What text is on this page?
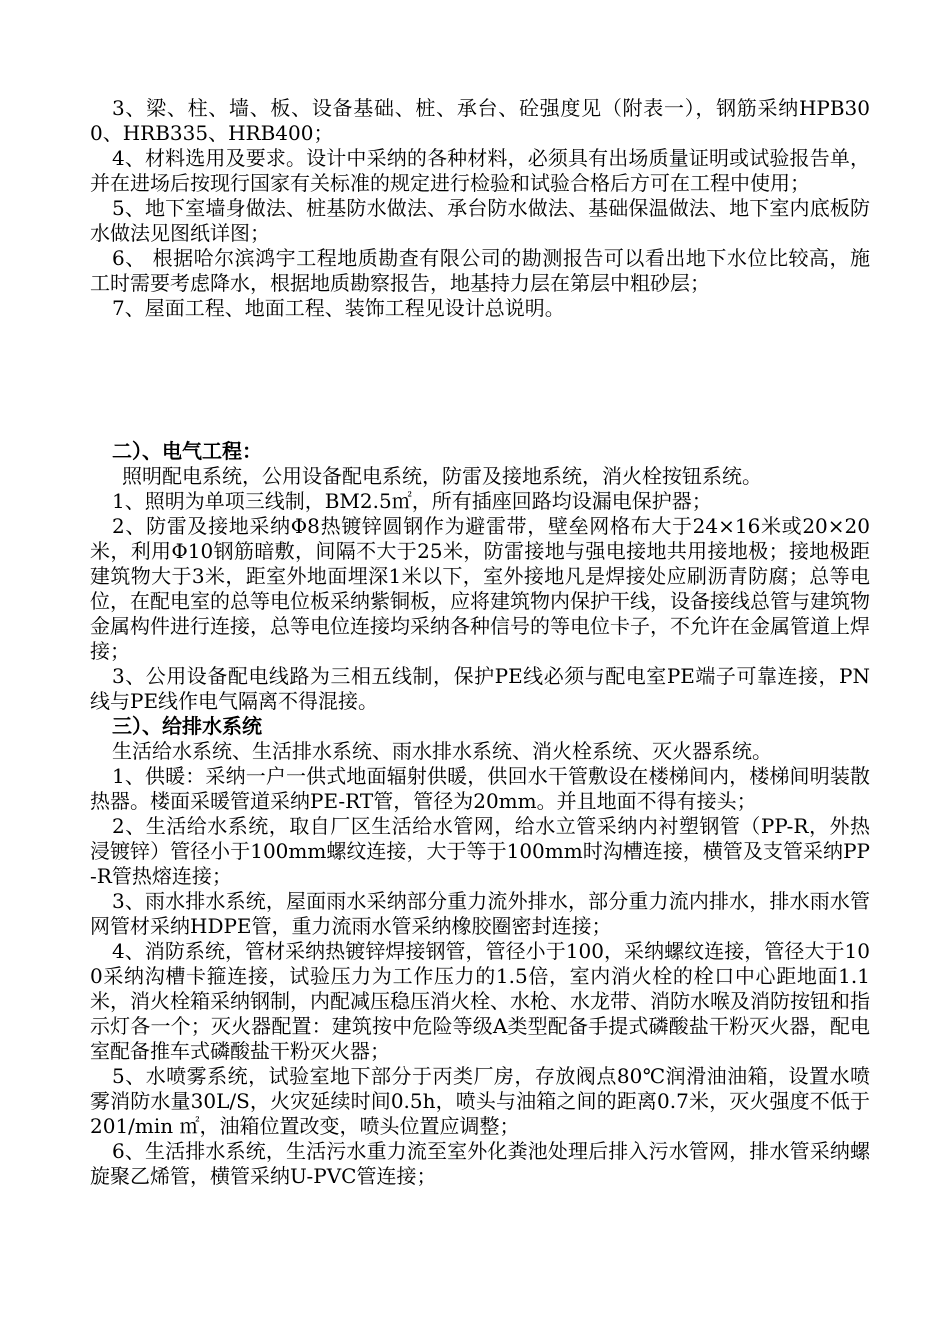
3、梁、柱、墙、板、设备基础、桩、承台、砼强度见（附表一），钢筋采纳HPB300、HRB335、HRB400；

4、材料选用及要求。设计中采纳的各种材料，必须具有出场质量证明或试验报告单，并在进场后按现行国家有关标准的规定进行检验和试验合格后方可在工程中使用；

5、地下室墙身做法、桩基防水做法、承台防水做法、基础保温做法、地下室内底板防水做法见图纸详图；

6、 根据哈尔滨鸿宇工程地质勘查有限公司的勘测报告可以看出地下水位比较高，施工时需要考虑降水，根据地质勘察报告，地基持力层在第层中粗砂层；

7、屋面工程、地面工程、装饰工程见设计总说明。

二）、电气工程：

照明配电系统，公用设备配电系统，防雷及接地系统，消火栓按钮系统。

1、照明为单项三线制，BM2.5㎡，所有插座回路均设漏电保护器；

2、防雷及接地采纳Φ8热镀锌圆钢作为避雷带，壁垒网格布大于24×16米或20×20米，利用Φ10钢筋暗敷，间隔不大于25米，防雷接地与强电接地共用接地极；接地极距建筑物大于3米，距室外地面埋深1米以下，室外接地凡是焊接处应刷沥青防腐；总等电位，在配电室的总等电位板采纳紫铜板，应将建筑物内保护干线，设备接线总管与建筑物金属构件进行连接，总等电位连接均采纳各种信号的等电位卡子，不允许在金属管道上焊接；

3、公用设备配电线路为三相五线制，保护PE线必须与配电室PE端子可靠连接，PN线与PE线作电气隔离不得混接。

三）、给排水系统

生活给水系统、生活排水系统、雨水排水系统、消火栓系统、灭火器系统。

1、供暖：采纳一户一供式地面辐射供暖，供回水干管敷设在楼梯间内，楼梯间明装散热器。楼面采暖管道采纳PE-RT管，管径为20mm。并且地面不得有接头；

2、生活给水系统，取自厂区生活给水管网，给水立管采纳内衬塑钢管（PP-R，外热浸镀锌）管径小于100mm螺纹连接，大于等于100mm时沟槽连接，横管及支管采纳PP-R管热熔连接；

3、雨水排水系统，屋面雨水采纳部分重力流外排水，部分重力流内排水，排水雨水管网管材采纳HDPE管，重力流雨水管采纳橡胶圈密封连接；

4、消防系统，管材采纳热镀锌焊接钢管，管径小于100，采纳螺纹连接，管径大于100采纳沟槽卡箍连接，试验压力为工作压力的1.5倍，室内消火栓的栓口中心距地面1.1米，消火栓箱采纳钢制，内配减压稳压消火栓、水枪、水龙带、消防水喉及消防按钮和指示灯各一个；灭火器配置：建筑按中危险等级A类型配备手提式磷酸盐干粉灭火器，配电室配备推车式磷酸盐干粉灭火器；

5、水喷雾系统，试验室地下部分于丙类厂房，存放阀点80℃润滑油油箱，设置水喷雾消防水量30L/S，火灾延续时间0.5h，喷头与油箱之间的距离0.7米，灭火强度不低于201/min ㎡，油箱位置改变，喷头位置应调整；

6、生活排水系统，生活污水重力流至室外化粪池处理后排入污水管网，排水管采纳螺旋聚乙烯管，横管采纳U-PVC管连接；
